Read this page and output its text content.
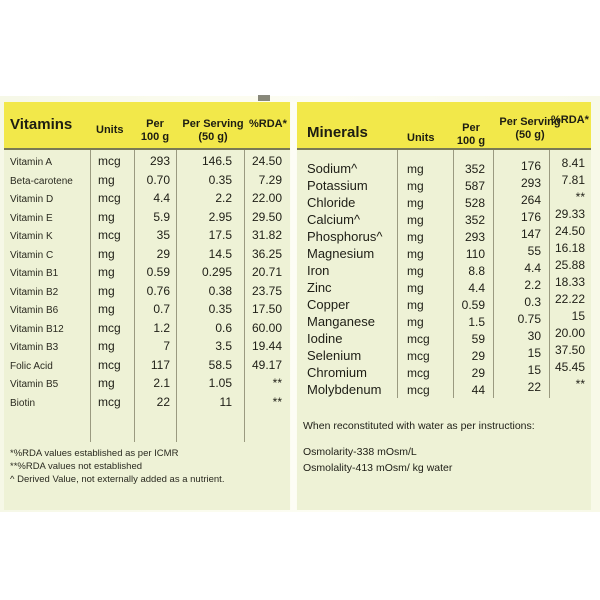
Vitamins Units	Per
100 g
Per Serving
(50 g)
%RDA*
Vitamin A	mcg	293	146.5	24.50
Beta-carotene mg	0.70	0.35	7.29
Vitamin D	mcg	4.4	2.2	22.00
Vitamin E	mg	5.9	2.95	29.50
Vitamin K	mcg	35	17.5	31.82
Vitamin C	mg	29	14.5	36.25
Vitamin B1	mg	0.59	0.295	20.71
Vitamin B2	mg	0.76	0.38	23.75
Vitamin B6	mg	0.7	0.35	17.50
Vitamin B12	mcg	1.2	0.6	60.00
Vitamin B3	mg	7	3.5	19.44
Folic Acid	mcg	117	58.5	49.17
Vitamin B5	mg	2.1	1.05	**
Biotin	mcg	22	11	**
*%RDA values established as per ICMR
**%RDA values not established
^ Derived Value, not externally added as a nutrient.
Minerals	Units
Per
100 g
Per Serving
(50 g)
%RDA*
Sodium^	mg	352	176	8.41
Potassium	mg	587	293	7.81
Chloride	mg	528	264	**
Calcium^	mg	352	176	29.33
Phosphorus^ mg	293	147	24.50
Magnesium	mg	110	55	16.18
Iron	mg	8.8	4.4	25.88
Zinc	mg	4.4	2.2	18.33
Copper	mg	0.59	0.3	22.22
Manganese	mg	1.5	0.75	15
Iodine	mcg	59	30	20.00
Selenium	mcg	29	15	37.50
Chromium	mcg	29	15	45.45
Molybdenum mcg	44	22	**
When reconstituted with water as per instructions:
Osmolarity-338 mOsm/L
Osmolality-413 mOsm/ kg water
